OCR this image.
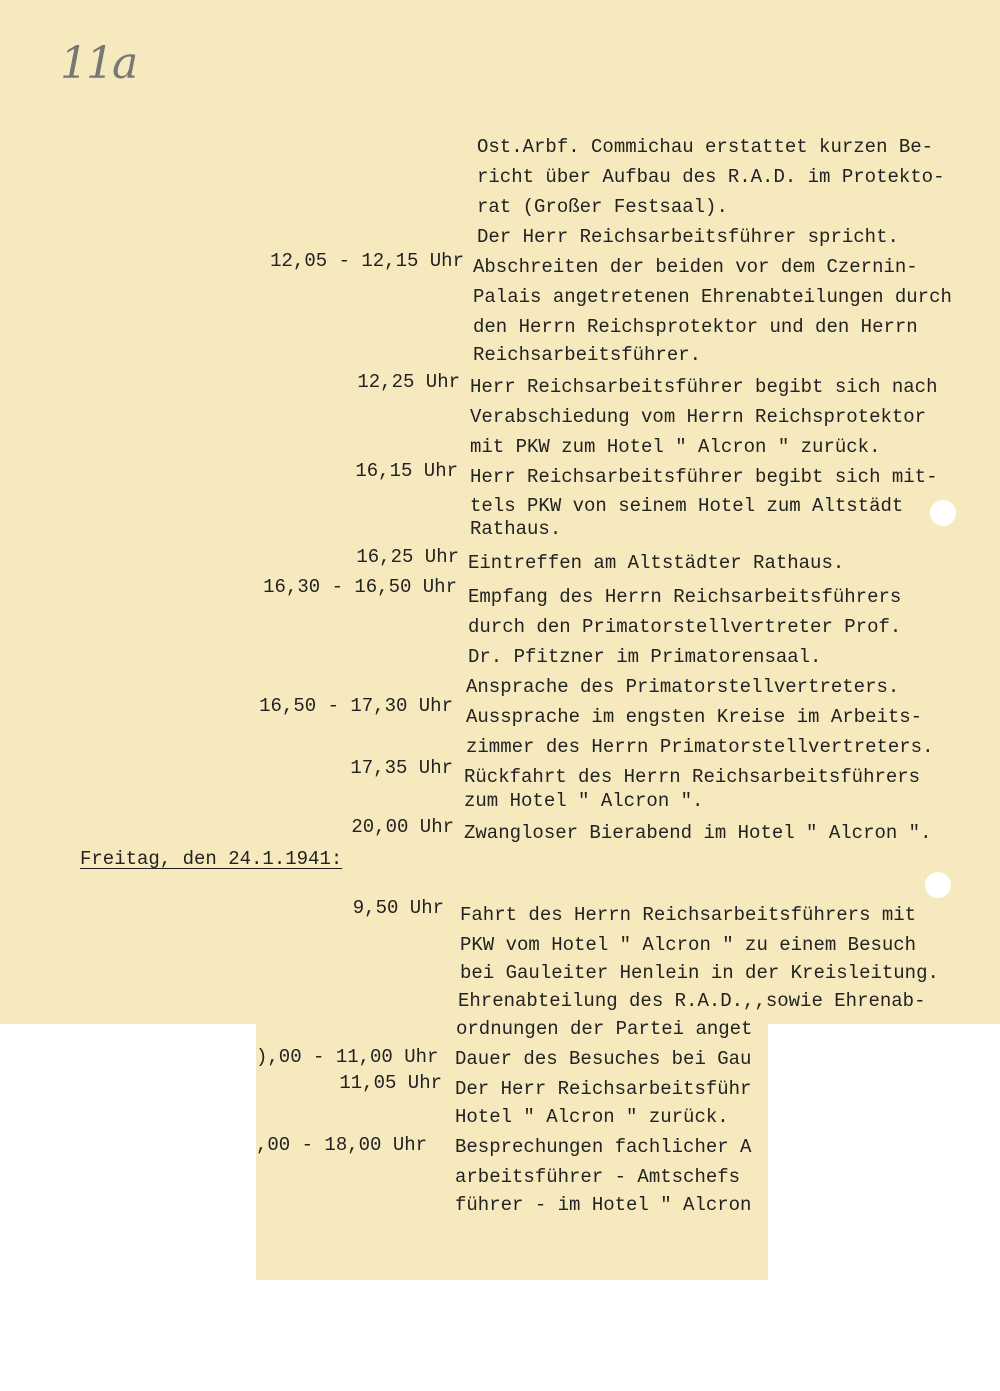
11a
Ost.Arbf. Commichau erstattet kurzen Be-
richt über Aufbau des R.A.D. im Protekto-
rat (Großer Festsaal).
Der Herr Reichsarbeitsführer spricht.
12,05 - 12,15 Uhr Abschreiten der beiden vor dem Czernin-
Palais angetretenen Ehrenabteilungen durch
den Herrn Reichsprotektor und den Herrn
Reichsarbeitsführer.
12,25 Uhr Herr Reichsarbeitsführer begibt sich nach
Verabschiedung vom Herrn Reichsprotektor
mit PKW zum Hotel " Alcron " zurück.
16,15 Uhr Herr Reichsarbeitsführer begibt sich mit-
tels PKW von seinem Hotel zum Altstädt
Rathaus.
16,25 Uhr Eintreffen am Altstädter Rathaus.
16,30 - 16,50 Uhr Empfang des Herrn Reichsarbeitsführers
durch den Primatorstellvertreter Prof.
Dr. Pfitzner im Primatorensaal.
Ansprache des Primatorstellvertreters.
16,50 - 17,30 Uhr Aussprache im engsten Kreise im Arbeits-
zimmer des Herrn Primatorstellvertreters.
17,35 Uhr Rückfahrt des Herrn Reichsarbeitsführers
zum Hotel " Alcron ".
20,00 Uhr Zwangloser Bierabend im Hotel " Alcron ".
Freitag, den 24.1.1941:
9,50 Uhr Fahrt des Herrn Reichsarbeitsführers mit
PKW vom Hotel " Alcron " zu einem Besuch
bei Gauleiter Henlein in der Kreisleitung.
Ehrenabteilung des R.A.D.,,sowie Ehrenab-
ordnungen der Partei anget
),00 - 11,00 Uhr Dauer des Besuches bei Gau
11,05 Uhr Der Herr Reichsarbeitsführ
Hotel " Alcron " zurück.
,00 - 18,00 Uhr Besprechungen fachlicher A
arbeitsführer - Amtschefs
führer - im Hotel " Alcron
